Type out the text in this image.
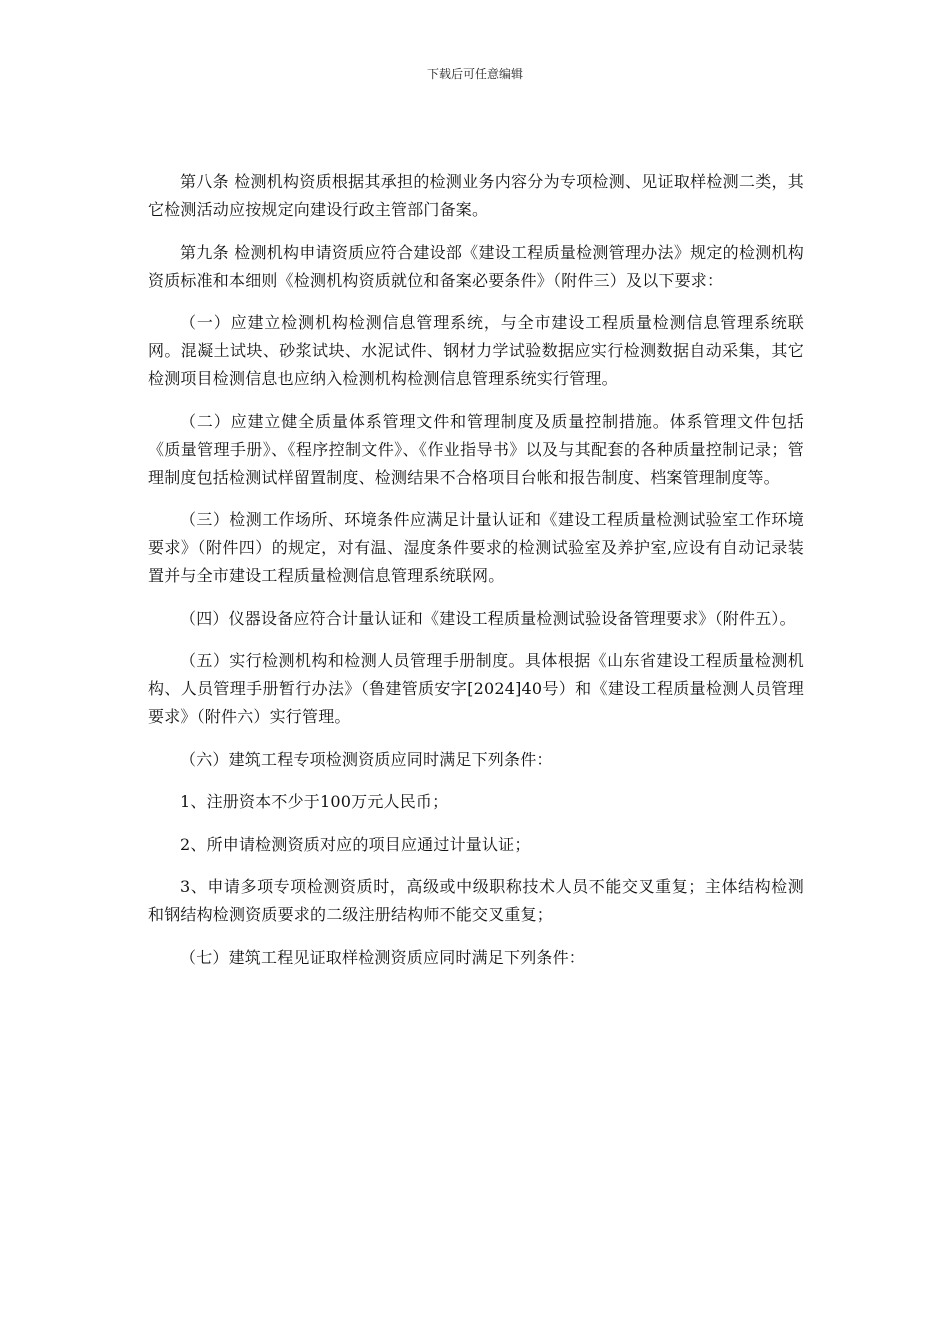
下载后可任意编辑

第八条 检测机构资质根据其承担的检测业务内容分为专项检测、见证取样检测二类，其它检测活动应按规定向建设行政主管部门备案。

第九条 检测机构申请资质应符合建设部《建设工程质量检测管理办法》规定的检测机构资质标准和本细则《检测机构资质就位和备案必要条件》（附件三）及以下要求：

（一）应建立检测机构检测信息管理系统，与全市建设工程质量检测信息管理系统联网。混凝土试块、砂浆试块、水泥试件、钢材力学试验数据应实行检测数据自动采集，其它检测项目检测信息也应纳入检测机构检测信息管理系统实行管理。

（二）应建立健全质量体系管理文件和管理制度及质量控制措施。体系管理文件包括《质量管理手册》、《程序控制文件》、《作业指导书》以及与其配套的各种质量控制记录；管理制度包括检测试样留置制度、检测结果不合格项目台帐和报告制度、档案管理制度等。

（三）检测工作场所、环境条件应满足计量认证和《建设工程质量检测试验室工作环境要求》（附件四）的规定，对有温、湿度条件要求的检测试验室及养护室,应设有自动记录装置并与全市建设工程质量检测信息管理系统联网。

（四）仪器设备应符合计量认证和《建设工程质量检测试验设备管理要求》（附件五）。

（五）实行检测机构和检测人员管理手册制度。具体根据《山东省建设工程质量检测机构、人员管理手册暂行办法》（鲁建管质安字[2024]40号）和《建设工程质量检测人员管理要求》（附件六）实行管理。

（六）建筑工程专项检测资质应同时满足下列条件：

1、注册资本不少于100万元人民币；

2、所申请检测资质对应的项目应通过计量认证；

3、申请多项专项检测资质时，高级或中级职称技术人员不能交叉重复；主体结构检测和钢结构检测资质要求的二级注册结构师不能交叉重复；

（七）建筑工程见证取样检测资质应同时满足下列条件：
